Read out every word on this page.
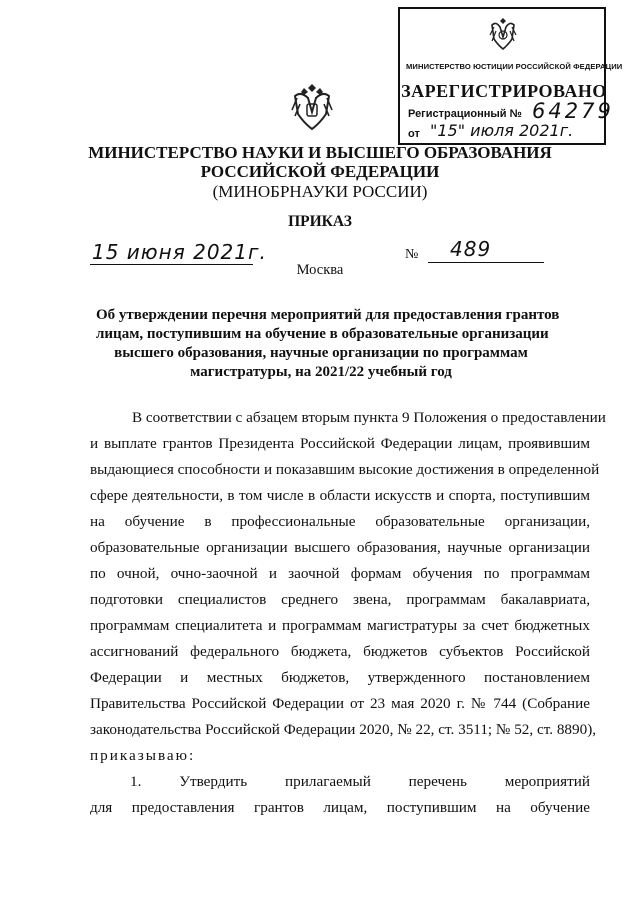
МИНИСТЕРСТВО ЮСТИЦИИ РОССИЙСКОЙ ФЕДЕРАЦИИ
ЗАРЕГИСТРИРОВАНО
Регистрационный № 64279
от "15" июля 2021г.
МИНИСТЕРСТВО НАУКИ И ВЫСШЕГО ОБРАЗОВАНИЯ
РОССИЙСКОЙ ФЕДЕРАЦИИ
(МИНОБРНАУКИ РОССИИ)
ПРИКАЗ
15 июня 2021г.	№ 489
Москва
Об утверждении перечня мероприятий для предоставления грантов
лицам, поступившим на обучение в образовательные организации
высшего образования, научные организации по программам
магистратуры, на 2021/22 учебный год
В соответствии с абзацем вторым пункта 9 Положения о предоставлении
и выплате грантов Президента Российской Федерации лицам, проявившим
выдающиеся способности и показавшим высокие достижения в определенной
сфере деятельности, в том числе в области искусств и спорта, поступившим
на обучение в профессиональные образовательные организации,
образовательные организации высшего образования, научные организации
по очной, очно-заочной и заочной формам обучения по программам
подготовки специалистов среднего звена, программам бакалавриата,
программам специалитета и программам магистратуры за счет бюджетных
ассигнований федерального бюджета, бюджетов субъектов Российской
Федерации и местных бюджетов, утвержденного постановлением
Правительства Российской Федерации от 23 мая 2020 г. № 744 (Собрание
законодательства Российской Федерации 2020, № 22, ст. 3511; № 52, ст. 8890),
приказываю:
1. Утвердить прилагаемый перечень мероприятий
для предоставления грантов лицам, поступившим на обучение
